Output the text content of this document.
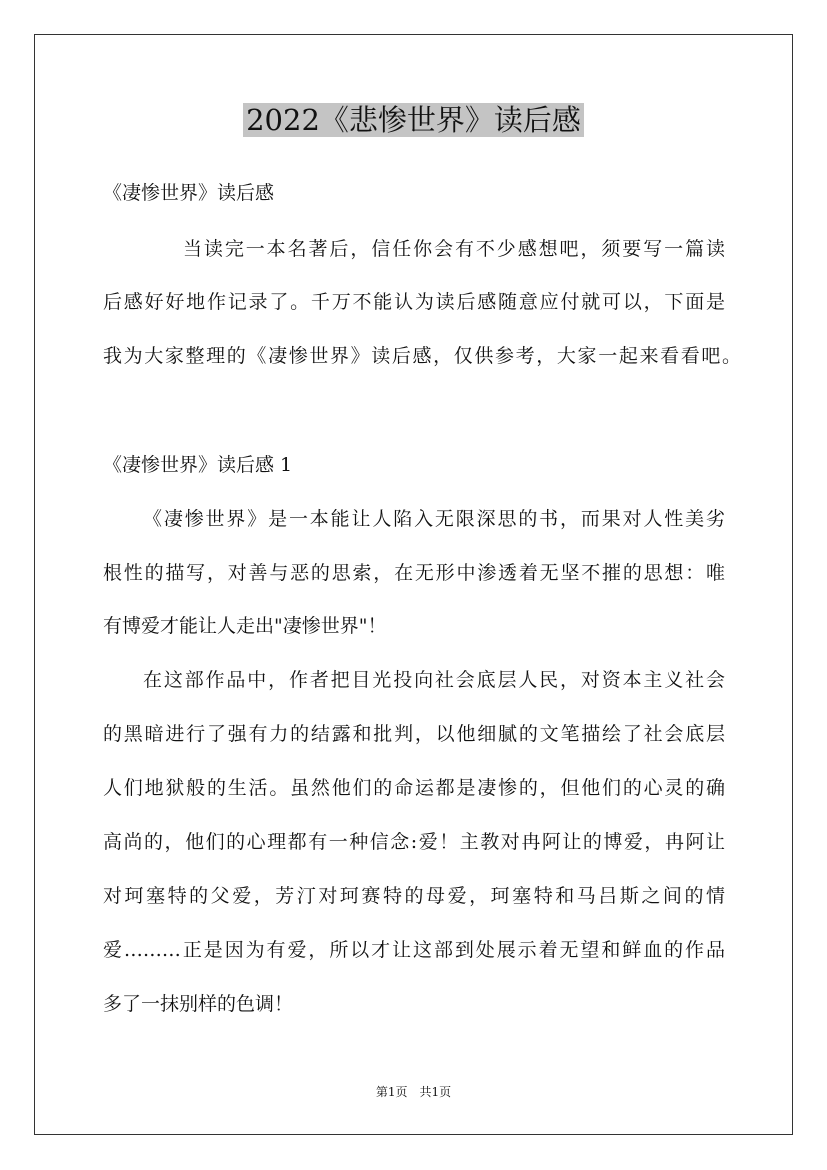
2022《悲惨世界》读后感
《凄惨世界》读后感
当读完一本名著后，信任你会有不少感想吧，须要写一篇读
后感好好地作记录了。千万不能认为读后感随意应付就可以，下面是
我为大家整理的《凄惨世界》读后感，仅供参考，大家一起来看看吧。
《凄惨世界》读后感 1
《凄惨世界》是一本能让人陷入无限深思的书，而果对人性美劣
根性的描写，对善与恶的思索，在无形中渗透着无坚不摧的思想：唯
有博爱才能让人走出"凄惨世界"！
在这部作品中，作者把目光投向社会底层人民，对资本主义社会
的黑暗进行了强有力的结露和批判，以他细腻的文笔描绘了社会底层
人们地狱般的生活。虽然他们的命运都是凄惨的，但他们的心灵的确
高尚的，他们的心理都有一种信念:爱！主教对冉阿让的博爱，冉阿让
对珂塞特的父爱，芳汀对珂赛特的母爱，珂塞特和马吕斯之间的情
爱………正是因为有爱，所以才让这部到处展示着无望和鲜血的作品
多了一抹别样的色调！
第1页　共1页
